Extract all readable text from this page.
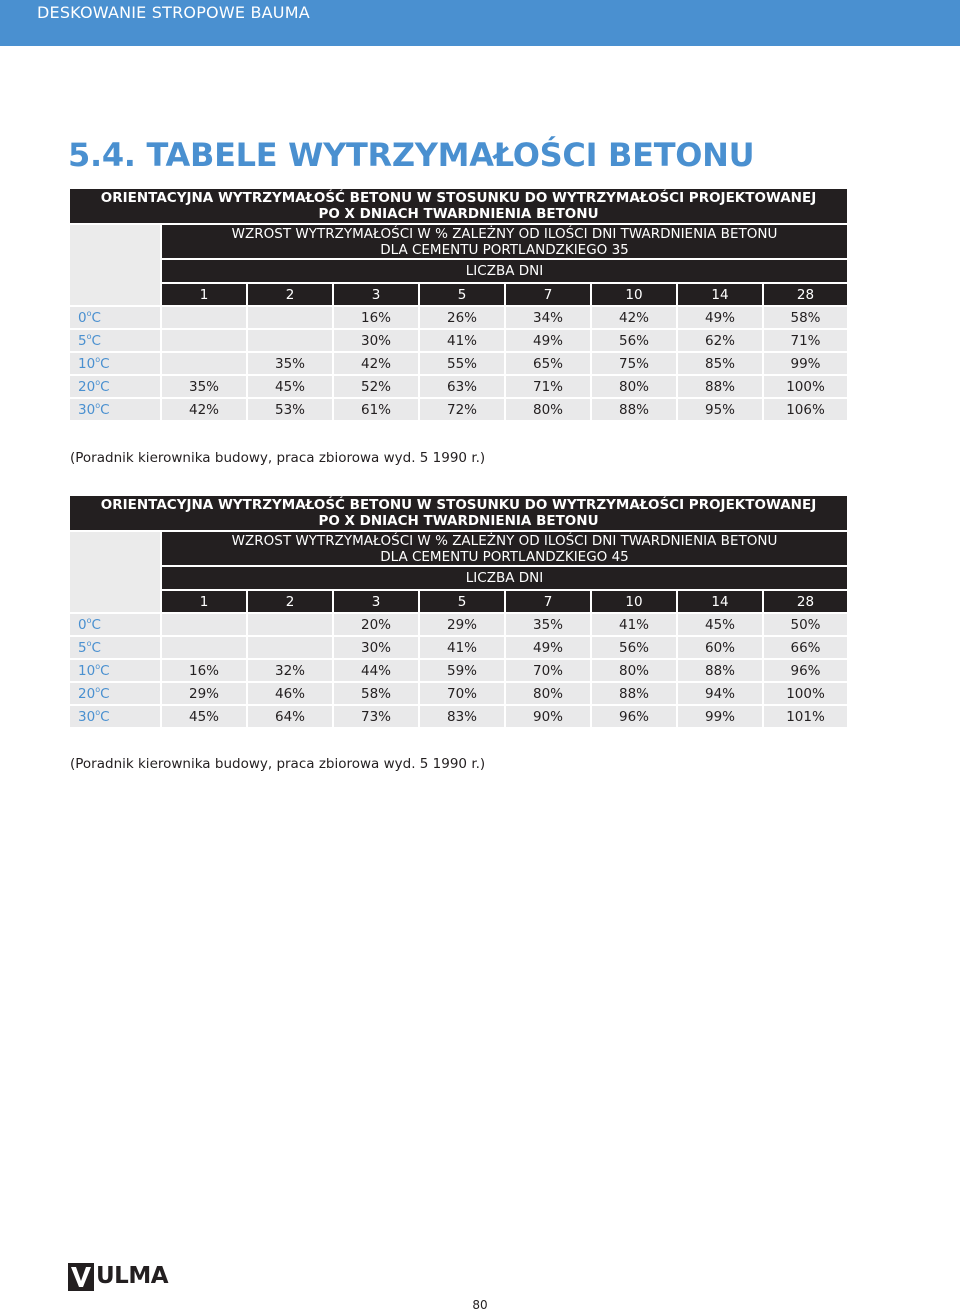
DESKOWANIE STROPOWE BAUMA
5.4. TABELE WYTRZYMAŁOŚCI BETONU
ORIENTACYJNA WYTRZYMAŁOŚĆ BETONU W STOSUNKU DO WYTRZYMAŁOŚCI PROJEKTOWANEJ
PO X DNIACH TWARDNIENIA BETONU								

	WZROST WYTRZYMAŁOŚCI W % ZALEŻNY OD ILOŚCI DNI TWARDNIENIA BETONU
DLA CEMENTU PORTLANDZKIEGO 35							

	LICZBA DNI							
	1	2	3	5	7	10	14	28
0$^o$C			16%	26%	34%	42%	49%	58%
5$^o$C			30%	41%	49%	56%	62%	71%
10$^o$C		35%	42%	55%	65%	75%	85%	99%
20$^o$C	35%	45%	52%	63%	71%	80%	88%	100%
30$^o$C	42%	53%	61%	72%	80%	88%	95%	106%
(Poradnik kierownika budowy, praca zbiorowa wyd. 5 1990 r.)
ORIENTACYJNA WYTRZYMAŁOŚĆ BETONU W STOSUNKU DO WYTRZYMAŁOŚCI PROJEKTOWANEJ
PO X DNIACH TWARDNIENIA BETONU								

	WZROST WYTRZYMAŁOŚCI W % ZALEŻNY OD ILOŚCI DNI TWARDNIENIA BETONU
DLA CEMENTU PORTLANDZKIEGO 45							

	LICZBA DNI							
	1	2	3	5	7	10	14	28
0$^o$C			20%	29%	35%	41%	45%	50%
5$^o$C			30%	41%	49%	56%	60%	66%
10$^o$C	16%	32%	44%	59%	70%	80%	88%	96%
20$^o$C	29%	46%	58%	70%	80%	88%	94%	100%
30$^o$C	45%	64%	73%	83%	90%	96%	99%	101%
(Poradnik kierownika budowy, praca zbiorowa wyd. 5 1990 r.)
ULMA
80
